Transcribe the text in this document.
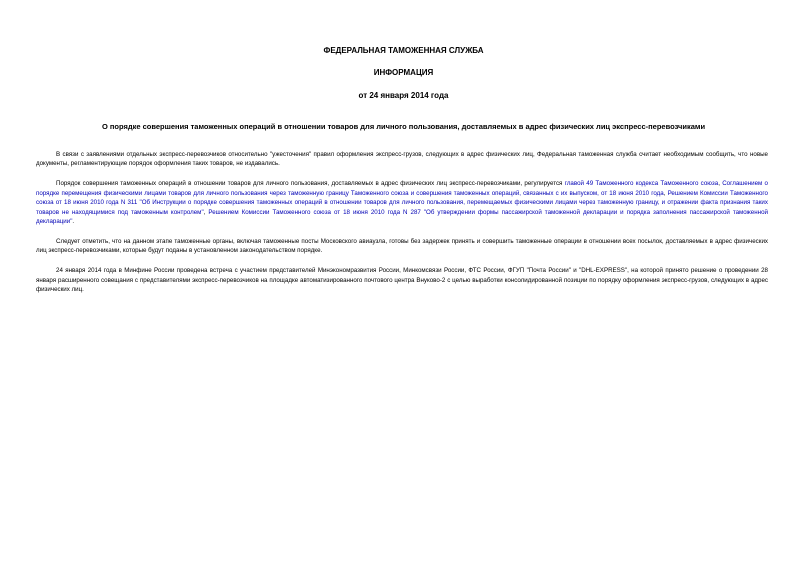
ФЕДЕРАЛЬНАЯ ТАМОЖЕННАЯ СЛУЖБА
ИНФОРМАЦИЯ
от 24 января 2014 года
О порядке совершения таможенных операций в отношении товаров для личного пользования, доставляемых в адрес физических лиц экспресс-перевозчиками

В связи с заявлениями отдельных экспресс-перевозчиков относительно "ужесточения" правил оформления экспресс-грузов, следующих в адрес физических лиц, Федеральная таможенная служба считает необходимым сообщить, что новые документы, регламентирующие порядок оформления таких товаров, не издавались.

Порядок совершения таможенных операций в отношении товаров для личного пользования, доставляемых в адрес физических лиц экспресс-перевозчиками, регулируется главой 49 Таможенного кодекса Таможенного союза, Соглашением о порядке перемещения физическими лицами товаров для личного пользования через таможенную границу Таможенного союза и совершения таможенных операций, связанных с их выпуском, от 18 июня 2010 года, Решением Комиссии Таможенного союза от 18 июня 2010 года N 311 "Об Инструкции о порядке совершения таможенных операций в отношении товаров для личного пользования, перемещаемых физическими лицами через таможенную границу, и отражении факта признания таких товаров не находящимися под таможенным контролем", Решением Комиссии Таможенного союза от 18 июня 2010 года N 287 "Об утверждении формы пассажирской таможенной декларации и порядка заполнения пассажирской таможенной декларации".

Следует отметить, что на данном этапе таможенные органы, включая таможенные посты Московского авиаузла, готовы без задержек принять и совершить таможенные операции в отношении всех посылок, доставляемых в адрес физических лиц экспресс-перевозчиками, которые будут поданы в установленном законодательством порядке.

24 января 2014 года в Минфине России проведена встреча с участием представителей Минэкономразвития России, Минкомсвязи России, ФТС России, ФГУП "Почта России" и "DHL-EXPRESS", на которой принято решение о проведении 28 января расширенного совещания с представителями экспресс-перевозчиков на площадке автоматизированного почтового центра Внуково-2 с целью выработки консолидированной позиции по порядку оформления экспресс-грузов, следующих в адрес физических лиц.
